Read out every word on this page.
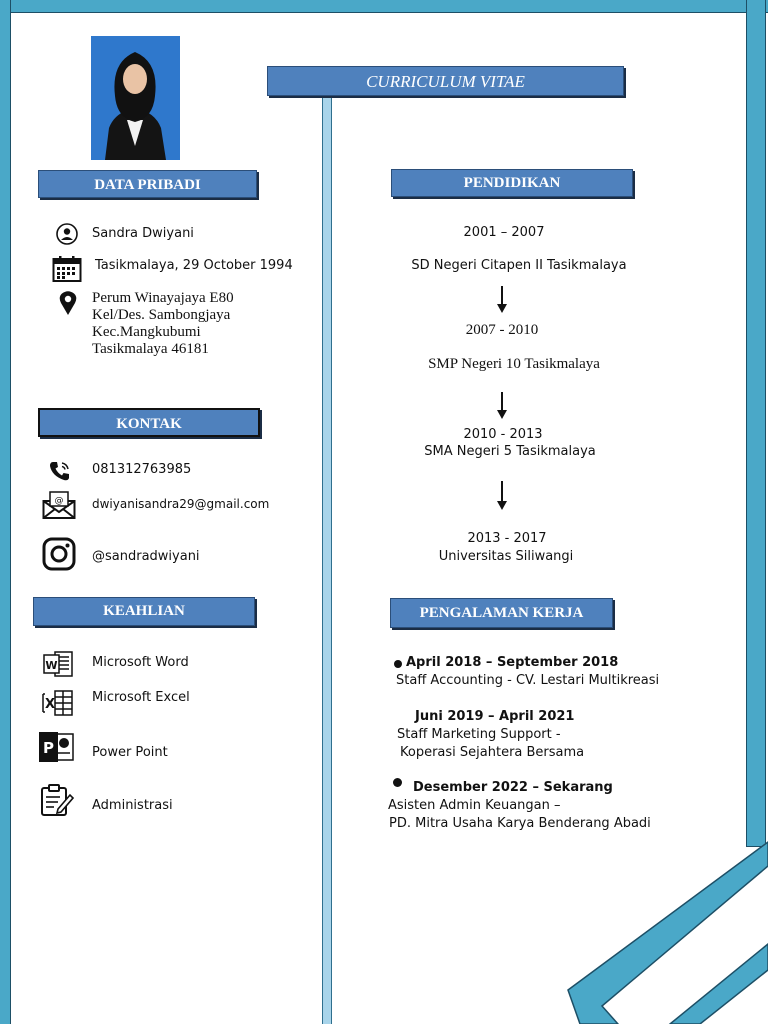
CURRICULUM VITAE
DATA PRIBADI
Sandra Dwiyani
Tasikmalaya, 29 October 1994
Perum Winayajaya E80
Kel/Des. Sambongjaya
Kec.Mangkubumi
Tasikmalaya 46181
KONTAK
081312763985
@ dwiyanisandra29@gmail.com
@sandradwiyani
KEAHLIAN
W	Microsoft Word
X	Microsoft Excel
P	Power Point
Administrasi
PENDIDIKAN
2001 – 2007
SD Negeri Citapen II Tasikmalaya
2007 - 2010
SMP Negeri 10 Tasikmalaya
2010 - 2013
SMA Negeri 5 Tasikmalaya
2013 - 2017
Universitas Siliwangi
PENGALAMAN KERJA
April 2018 – September 2018
Staff Accounting - CV. Lestari Multikreasi
Juni 2019 – April 2021
Staff Marketing Support -
Koperasi Sejahtera Bersama
Desember 2022 – Sekarang
Asisten Admin Keuangan –
PD. Mitra Usaha Karya Benderang Abadi
